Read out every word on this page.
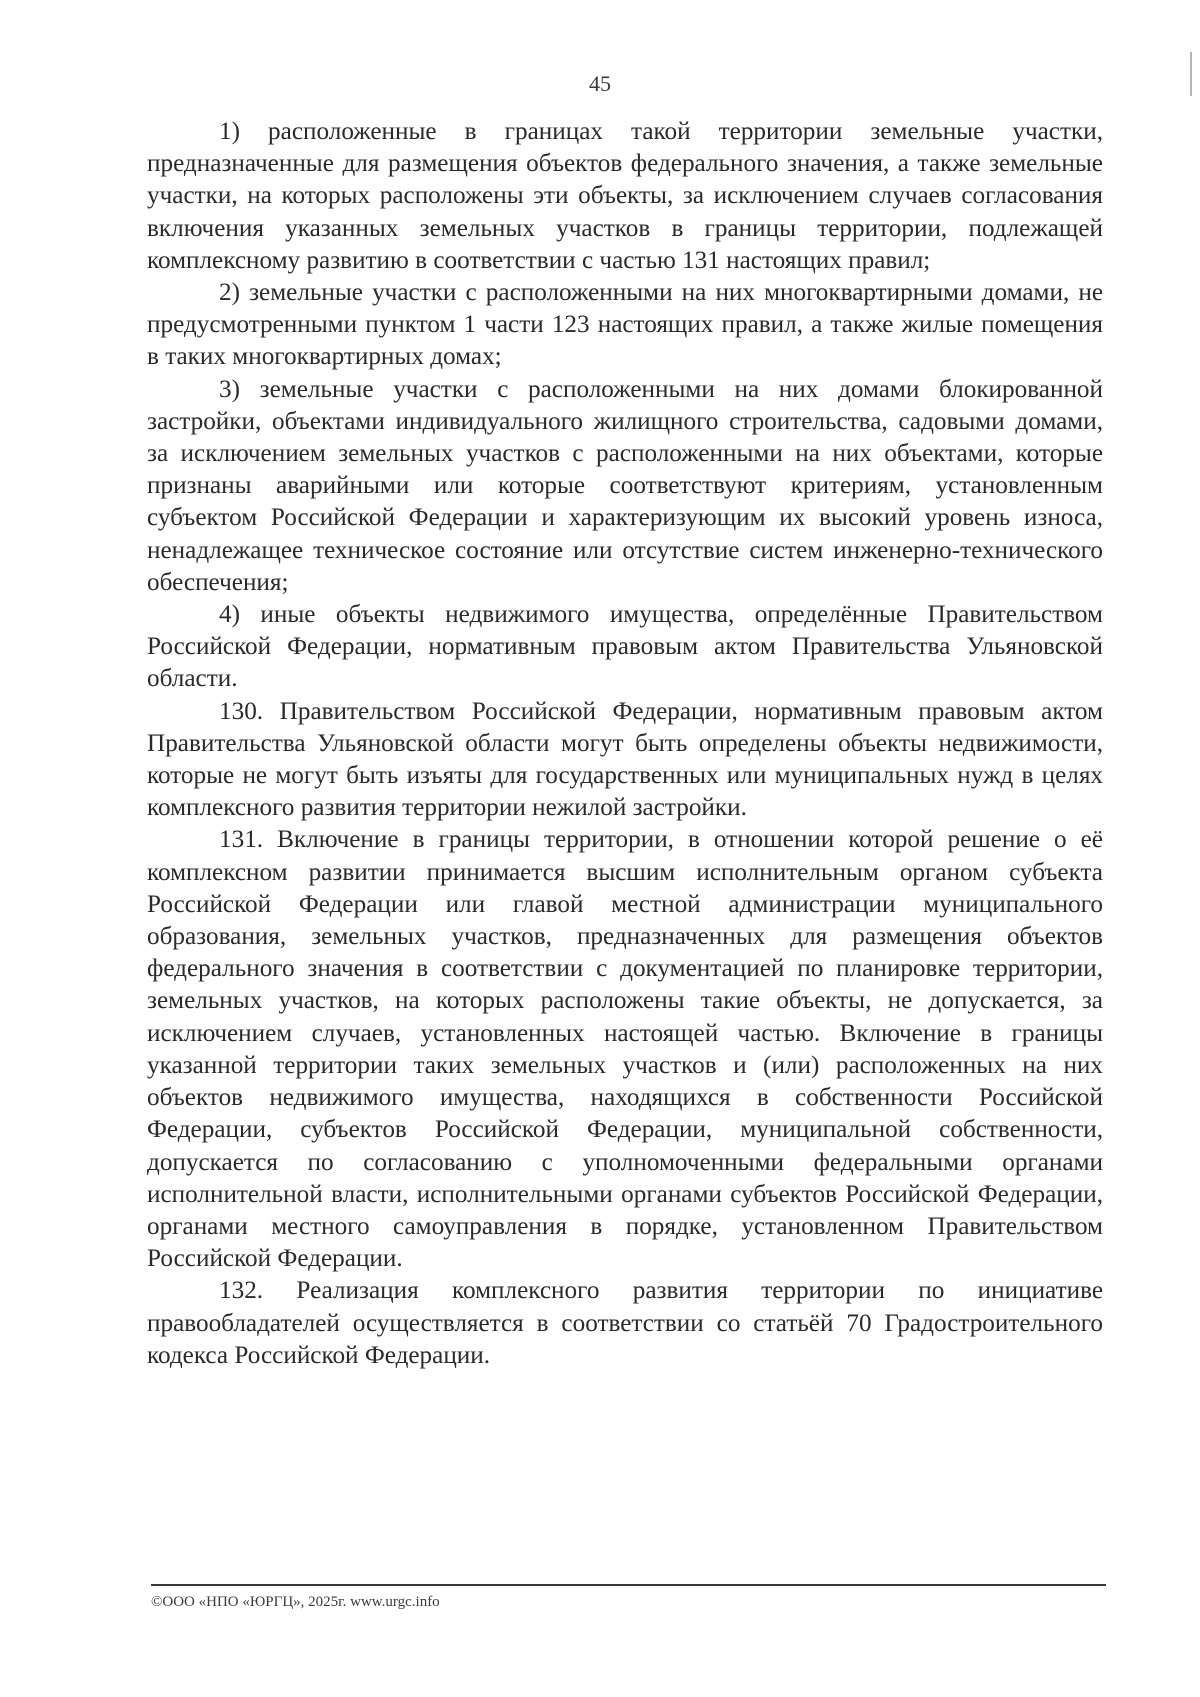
45

1) расположенные в границах такой территории земельные участки, предназначенные для размещения объектов федерального значения, а также земельные участки, на которых расположены эти объекты, за исключением случаев согласования включения указанных земельных участков в границы территории, подлежащей комплексному развитию в соответствии с частью 131 настоящих правил;

2) земельные участки с расположенными на них многоквартирными домами, не предусмотренными пунктом 1 части 123 настоящих правил, а также жилые помещения в таких многоквартирных домах;

3) земельные участки с расположенными на них домами блокированной застройки, объектами индивидуального жилищного строительства, садовыми домами, за исключением земельных участков с расположенными на них объектами, которые признаны аварийными или которые соответствуют критериям, установленным субъектом Российской Федерации и характеризующим их высокий уровень износа, ненадлежащее техническое состояние или отсутствие систем инженерно-технического обеспечения;

4) иные объекты недвижимого имущества, определённые Правительством Российской Федерации, нормативным правовым актом Правительства Ульяновской области.

130. Правительством Российской Федерации, нормативным правовым актом Правительства Ульяновской области могут быть определены объекты недвижимости, которые не могут быть изъяты для государственных или муниципальных нужд в целях комплексного развития территории нежилой застройки.

131. Включение в границы территории, в отношении которой решение о её комплексном развитии принимается высшим исполнительным органом субъекта Российской Федерации или главой местной администрации муниципального образования, земельных участков, предназначенных для размещения объектов федерального значения в соответствии с документацией по планировке территории, земельных участков, на которых расположены такие объекты, не допускается, за исключением случаев, установленных настоящей частью. Включение в границы указанной территории таких земельных участков и (или) расположенных на них объектов недвижимого имущества, находящихся в собственности Российской Федерации, субъектов Российской Федерации, муниципальной собственности, допускается по согласованию с уполномоченными федеральными органами исполнительной власти, исполнительными органами субъектов Российской Федерации, органами местного самоуправления в порядке, установленном Правительством Российской Федерации.

132. Реализация комплексного развития территории по инициативе правообладателей осуществляется в соответствии со статьёй 70 Градостроительного кодекса Российской Федерации.

©ООО «НПО «ЮРГЦ», 2025г. www.urgc.info
